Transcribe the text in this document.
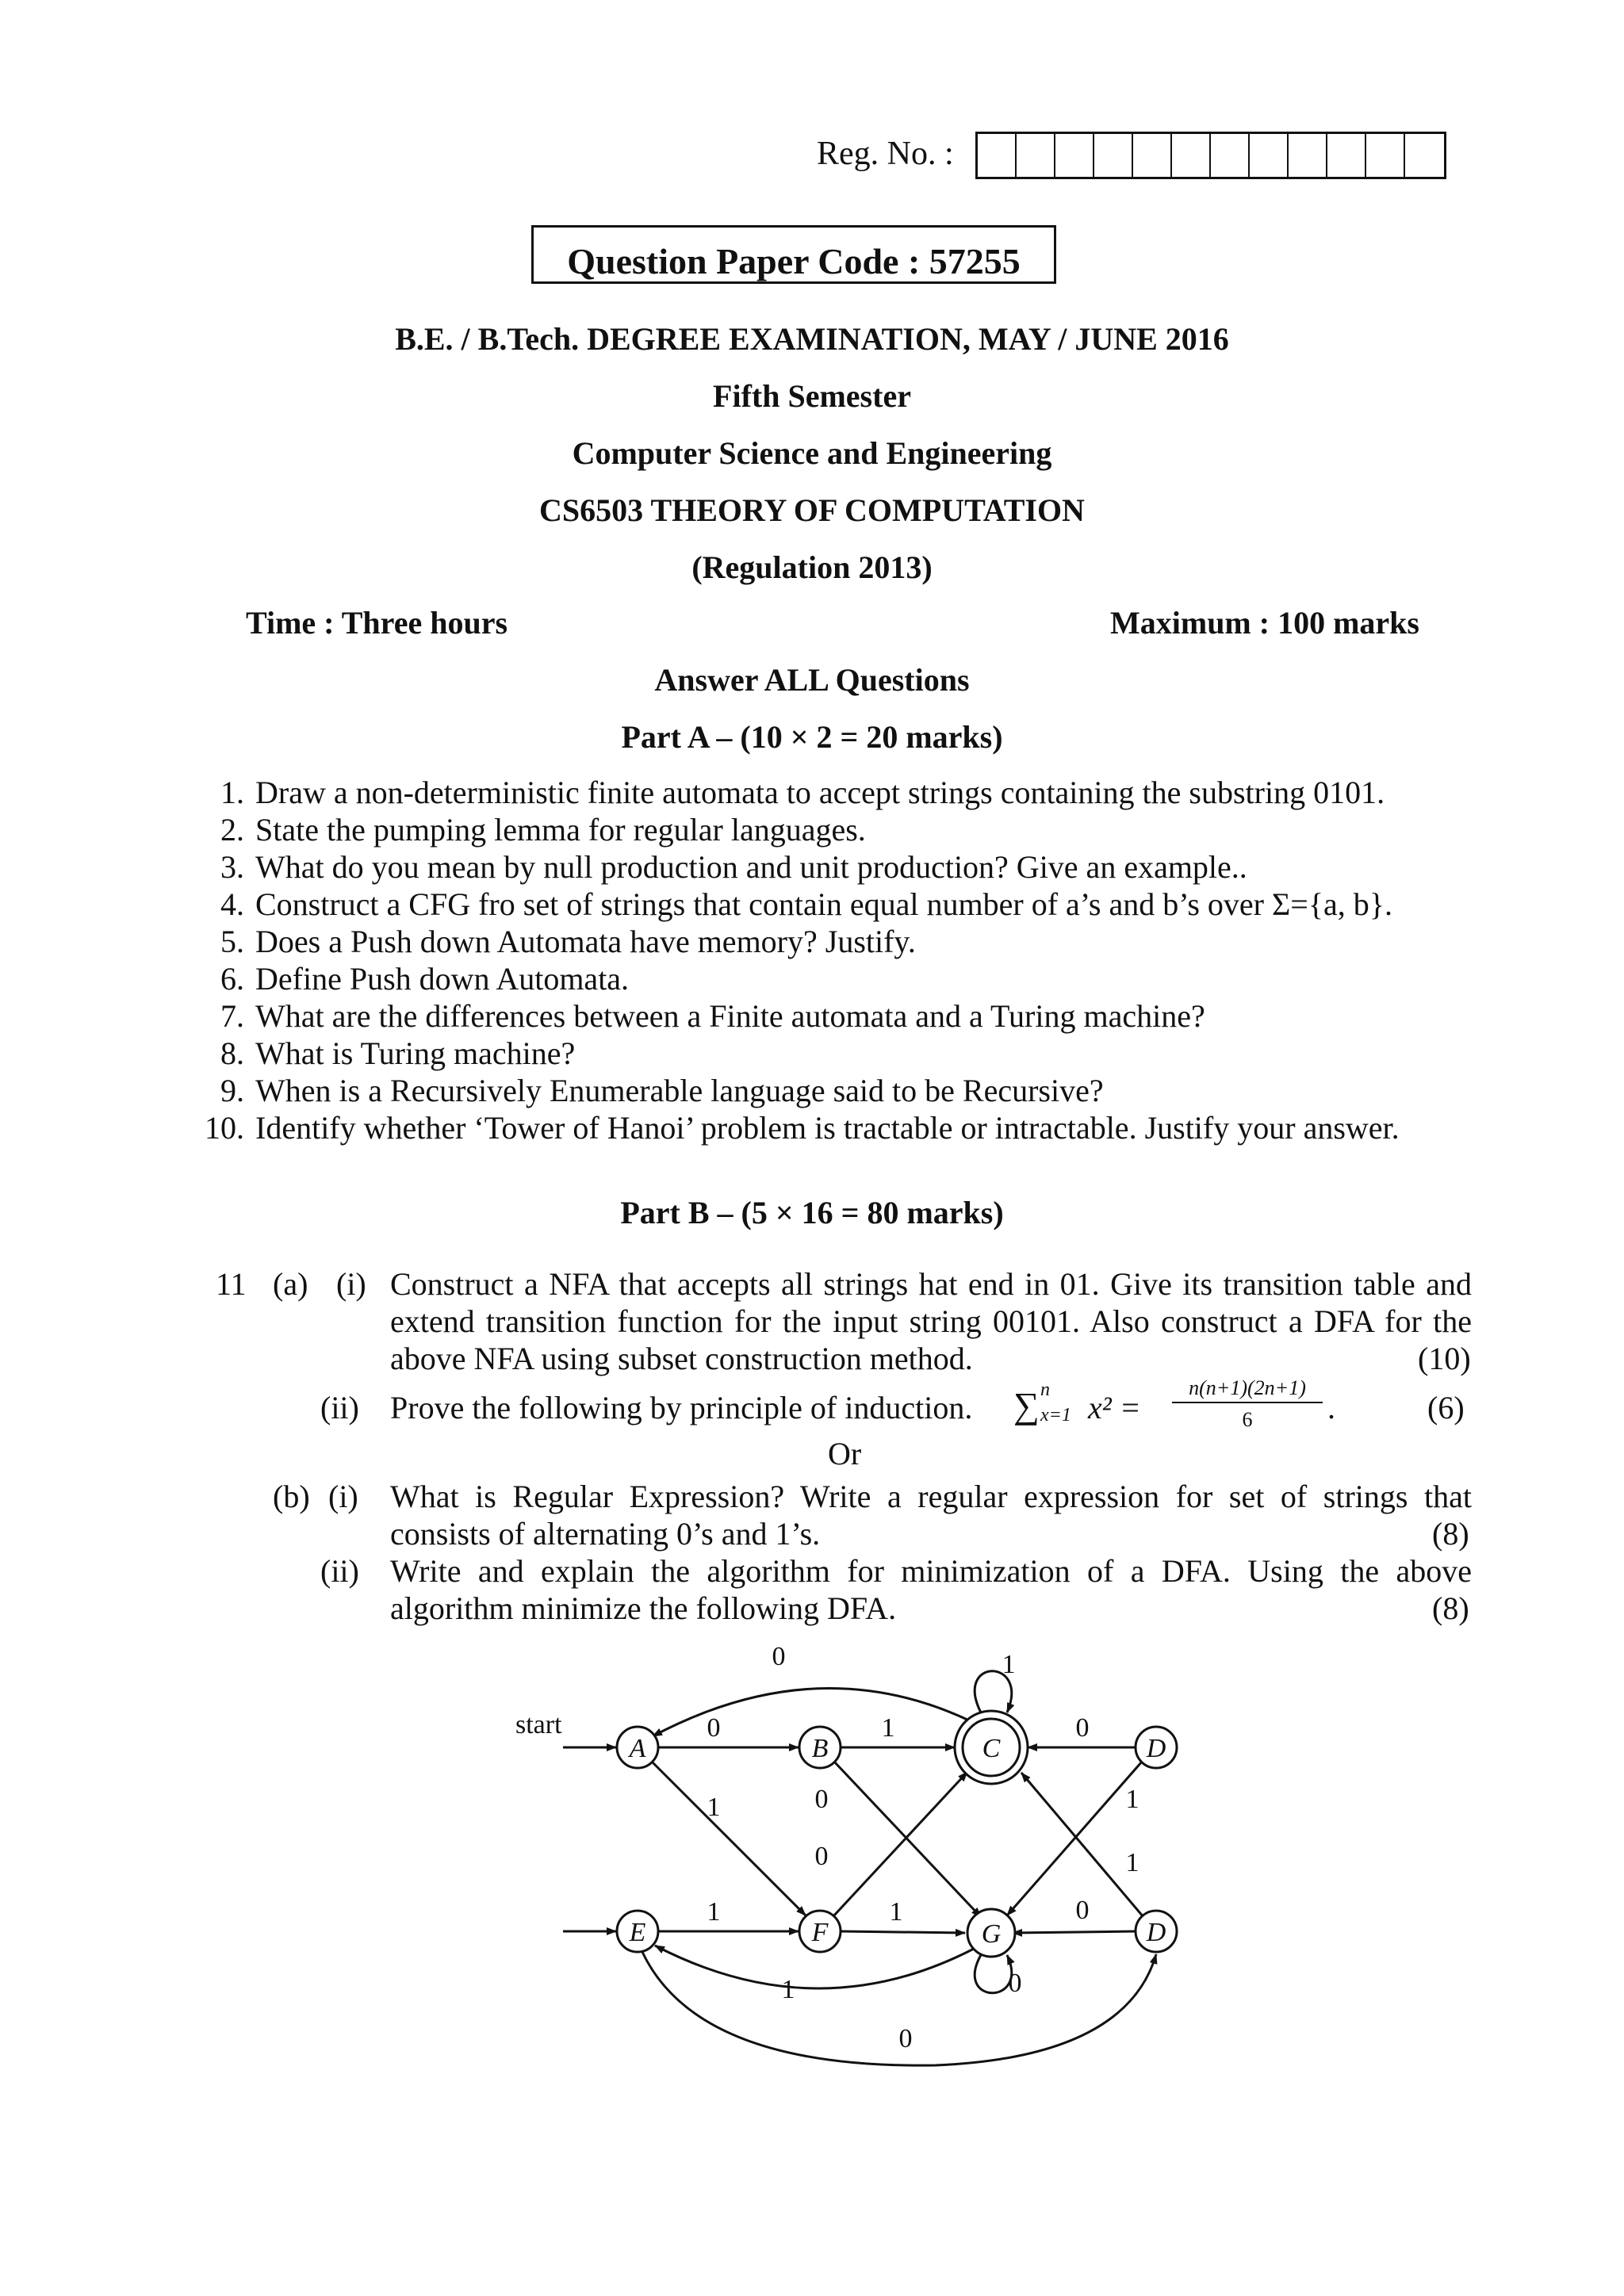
Reg. No. :
Question Paper Code : 57255
B.E. / B.Tech. DEGREE EXAMINATION, MAY / JUNE 2016
Fifth Semester
Computer Science and Engineering
CS6503 THEORY OF COMPUTATION
(Regulation 2013)
Time : Three hours	Maximum : 100 marks
Answer ALL Questions
Part A – (10 × 2 = 20 marks)
1. Draw a non-deterministic finite automata to accept strings containing the substring 0101.
2. State the pumping lemma for regular languages.
3. What do you mean by null production and unit production? Give an example..
4. Construct a CFG fro set of strings that contain equal number of a’s and b’s over Σ={a, b}.
5. Does a Push down Automata have memory? Justify.
6. Define Push down Automata.
7. What are the differences between a Finite automata and a Turing machine?
8. What is Turing machine?
9. When is a Recursively Enumerable language said to be Recursive?
10. Identify whether ‘Tower of Hanoi’ problem is tractable or intractable. Justify your answer.
Part B – (5 × 16 = 80 marks)
11 (a) (i) Construct a NFA that accepts all strings hat end in 01. Give its transition table and
extend transition function for the input string 00101. Also construct a DFA for the
above NFA using subset construction method.	(10)
(ii) Prove the following by principle of induction. ∑ n
x=1 x² =
n(n+1)(2n+1)
6	.	(6)
Or
(b) (i) What is Regular Expression? Write a regular expression for set of strings that
consists of alternating 0’s and 1’s.	(8)
(ii) Write and explain the algorithm for minimization of a DFA. Using the above
algorithm minimize the following DFA.	(8)
A	B	C	D
E	F	G	D
start
0	1
0	1	0
1	0	1
1
0
1	1	0
0
1
0
